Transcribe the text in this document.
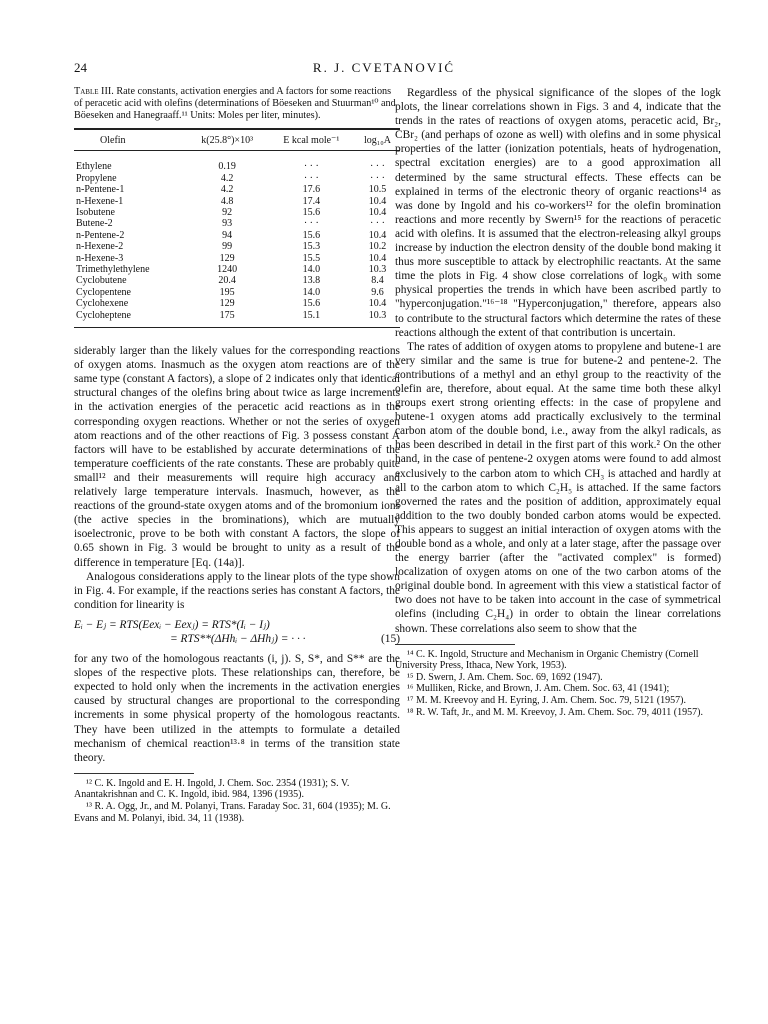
24	R. J. CVETANOVIĆ
Table III. Rate constants, activation energies and A factors for some reactions of peracetic acid with olefins (determinations of Böeseken and Stuurman¹⁰ and Böeseken and Hanegraaff.¹¹ Units: Moles per liter, minutes).
Olefin	k(25.8°)×10³	E kcal mole⁻¹	log₁₀A
Ethylene	0.19	· · ·	· · ·
Propylene	4.2	· · ·	· · ·
n-Pentene-1	4.2	17.6	10.5
n-Hexene-1	4.8	17.4	10.4
Isobutene	92	15.6	10.4
Butene-2	93	· · ·	· · ·
n-Pentene-2	94	15.6	10.4
n-Hexene-2	99	15.3	10.2
n-Hexene-3	129	15.5	10.4
Trimethylethylene	1240	14.0	10.3
Cyclobutene	20.4	13.8	8.4
Cyclopentene	195	14.0	9.6
Cyclohexene	129	15.6	10.4
Cycloheptene	175	15.1	10.3

siderably larger than the likely values for the corresponding reactions of oxygen atoms. Inasmuch as the oxygen atom reactions are of the same type (constant A factors), a slope of 2 indicates only that identical structural changes of the olefins bring about twice as large increments in the activation energies of the peracetic acid reactions as in the corresponding oxygen reactions. Whether or not the series of oxygen atom reactions and of the other reactions of Fig. 3 possess constant A factors will have to be established by accurate determinations of the temperature coefficients of the rate constants. These are probably quite small¹² and their measurements will require high accuracy and relatively large temperature intervals. Inasmuch, however, as the reactions of the ground-state oxygen atoms and of the bromonium ions (the active species in the brominations), which are mutually isoelectronic, prove to be both with constant A factors, the slope of 0.65 shown in Fig. 3 would be brought to unity as a result of the difference in temperature [Eq. (14a)].

Analogous considerations apply to the linear plots of the type shown in Fig. 4. For example, if the reactions series has constant A factors, the condition for linearity is

Eᵢ − Eⱼ = RTS(Eexᵢ − Eexⱼ) = RTS*(Iᵢ − Iⱼ)
(15)
= RTS**(ΔHhᵢ − ΔHhⱼ) = · · ·

for any two of the homologous reactants (i, j). S, S*, and S** are the slopes of the respective plots. These relationships can, therefore, be expected to hold only when the increments in the activation energies caused by structural changes are proportional to the corresponding increments in some physical property of the homologous reactants. They have been utilized in the attempts to formulate a detailed mechanism of chemical reaction¹³·⁸ in terms of the transition state theory.

¹² C. K. Ingold and E. H. Ingold, J. Chem. Soc. 2354 (1931); S. V. Anantakrishnan and C. K. Ingold, ibid. 984, 1396 (1935).
¹³ R. A. Ogg, Jr., and M. Polanyi, Trans. Faraday Soc. 31, 604 (1935); M. G. Evans and M. Polanyi, ibid. 34, 11 (1938).

Regardless of the physical significance of the slopes of the logk plots, the linear correlations shown in Figs. 3 and 4, indicate that the trends in the rates of reactions of oxygen atoms, peracetic acid, Br₂, CBr₂ (and perhaps of ozone as well) with olefins and in some physical properties of the latter (ionization potentials, heats of hydrogenation, spectral excitation energies) are to a good approximation all determined by the same structural effects. These effects can be explained in terms of the electronic theory of organic reactions¹⁴ as was done by Ingold and his co-workers¹² for the olefin bromination reactions and more recently by Swern¹⁵ for the reactions of peracetic acid with olefins. It is assumed that the electron-releasing alkyl groups increase by induction the electron density of the double bond making it thus more susceptible to attack by electrophilic reactants. At the same time the plots in Fig. 4 show close correlations of logk₀ with some physical properties the trends in which have been ascribed partly to "hyperconjugation."¹⁶⁻¹⁸ "Hyperconjugation," therefore, appears also to contribute to the structural factors which determine the rates of these reactions although the extent of that contribution is uncertain.

The rates of addition of oxygen atoms to propylene and butene-1 are very similar and the same is true for butene-2 and pentene-2. The contributions of a methyl and an ethyl group to the reactivity of the olefin are, therefore, about equal. At the same time both these alkyl groups exert strong orienting effects: in the case of propylene and butene-1 oxygen atoms add practically exclusively to the terminal carbon atom of the double bond, i.e., away from the alkyl radicals, as has been described in detail in the first part of this work.² On the other hand, in the case of pentene-2 oxygen atoms were found to add almost exclusively to the carbon atom to which CH₃ is attached and hardly at all to the carbon atom to which C₂H₅ is attached. If the same factors governed the rates and the position of addition, approximately equal addition to the two doubly bonded carbon atoms would be expected. This appears to suggest an initial interaction of oxygen atoms with the double bond as a whole, and only at a later stage, after the passage over the energy barrier (after the "activated complex" is formed) localization of oxygen atoms on one of the two carbon atoms of the original double bond. In agreement with this view a statistical factor of two does not have to be taken into account in the case of symmetrical olefins (including C₂H₄) in order to obtain the linear correlations shown. These correlations also seem to show that the

¹⁴ C. K. Ingold, Structure and Mechanism in Organic Chemistry (Cornell University Press, Ithaca, New York, 1953).
¹⁵ D. Swern, J. Am. Chem. Soc. 69, 1692 (1947).
¹⁶ Mulliken, Ricke, and Brown, J. Am. Chem. Soc. 63, 41 (1941);
¹⁷ M. M. Kreevoy and H. Eyring, J. Am. Chem. Soc. 79, 5121 (1957).
¹⁸ R. W. Taft, Jr., and M. M. Kreevoy, J. Am. Chem. Soc. 79, 4011 (1957).
